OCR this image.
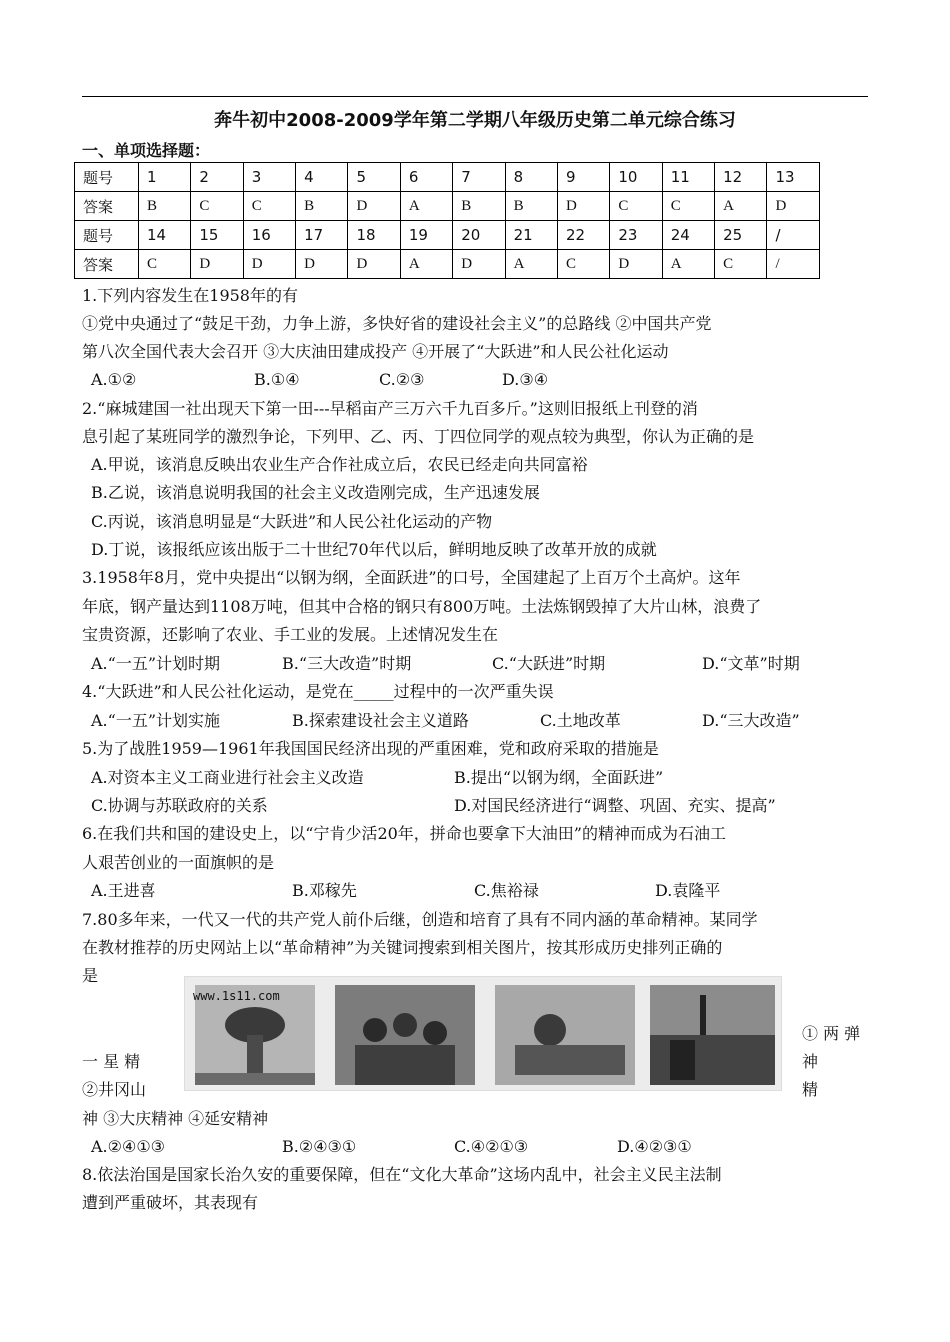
奔牛初中2008-2009学年第二学期八年级历史第二单元综合练习
一、单项选择题：
题号	1	2	3	4	5	6	7	8	9	10	11	12	13
答案	B	C	C	B	D	A	B	B	D	C	C	A	D
题号	14	15	16	17	18	19	20	21	22	23	24	25	/
答案	C	D	D	D	D	A	D	A	C	D	A	C	/
1.下列内容发生在1958年的有
①党中央通过了“鼓足干劲，力争上游，多快好省的建设社会主义”的总路线 ②中国共产党
第八次全国代表大会召开 ③大庆油田建成投产 ④开展了“大跃进”和人民公社化运动
A.①②	B.①④	C.②③	D.③④
2.“麻城建国一社出现天下第一田---早稻亩产三万六千九百多斤。”这则旧报纸上刊登的消
息引起了某班同学的激烈争论，下列甲、乙、丙、丁四位同学的观点较为典型，你认为正确的是
A.甲说，该消息反映出农业生产合作社成立后，农民已经走向共同富裕
B.乙说，该消息说明我国的社会主义改造刚完成，生产迅速发展
C.丙说，该消息明显是“大跃进”和人民公社化运动的产物
D.丁说，该报纸应该出版于二十世纪70年代以后，鲜明地反映了改革开放的成就
3.1958年8月，党中央提出“以钢为纲，全面跃进”的口号，全国建起了上百万个土高炉。这年
年底，钢产量达到1108万吨，但其中合格的钢只有800万吨。土法炼钢毁掉了大片山林，浪费了
宝贵资源，还影响了农业、手工业的发展。上述情况发生在
A.“一五”计划时期	B.“三大改造”时期	C.“大跃进”时期	D.“文革”时期
4.“大跃进”和人民公社化运动，是党在_____过程中的一次严重失误
A.“一五”计划实施	B.探索建设社会主义道路	C.土地改革	D.“三大改造”
5.为了战胜1959—1961年我国国民经济出现的严重困难，党和政府采取的措施是
A.对资本主义工商业进行社会主义改造	B.提出“以钢为纲，全面跃进”
C.协调与苏联政府的关系	D.对国民经济进行“调整、巩固、充实、提高”
6.在我们共和国的建设史上，以“宁肯少活20年，拼命也要拿下大油田”的精神而成为石油工
人艰苦创业的一面旗帜的是
A.王进喜	B.邓稼先	C.焦裕禄	D.袁隆平
7.80多年来，一代又一代的共产党人前仆后继，创造和培育了具有不同内涵的革命精神。某同学
在教材推荐的历史网站上以“革命精神”为关键词搜索到相关图片，按其形成历史排列正确的
是
www.1s11.com
① 两 弹
一 星 精	神
②井冈山	精
神 ③大庆精神 ④延安精神
A.②④①③	B.②④③①	C.④②①③	D.④②③①
8.依法治国是国家长治久安的重要保障，但在“文化大革命”这场内乱中，社会主义民主法制
遭到严重破坏，其表现有
